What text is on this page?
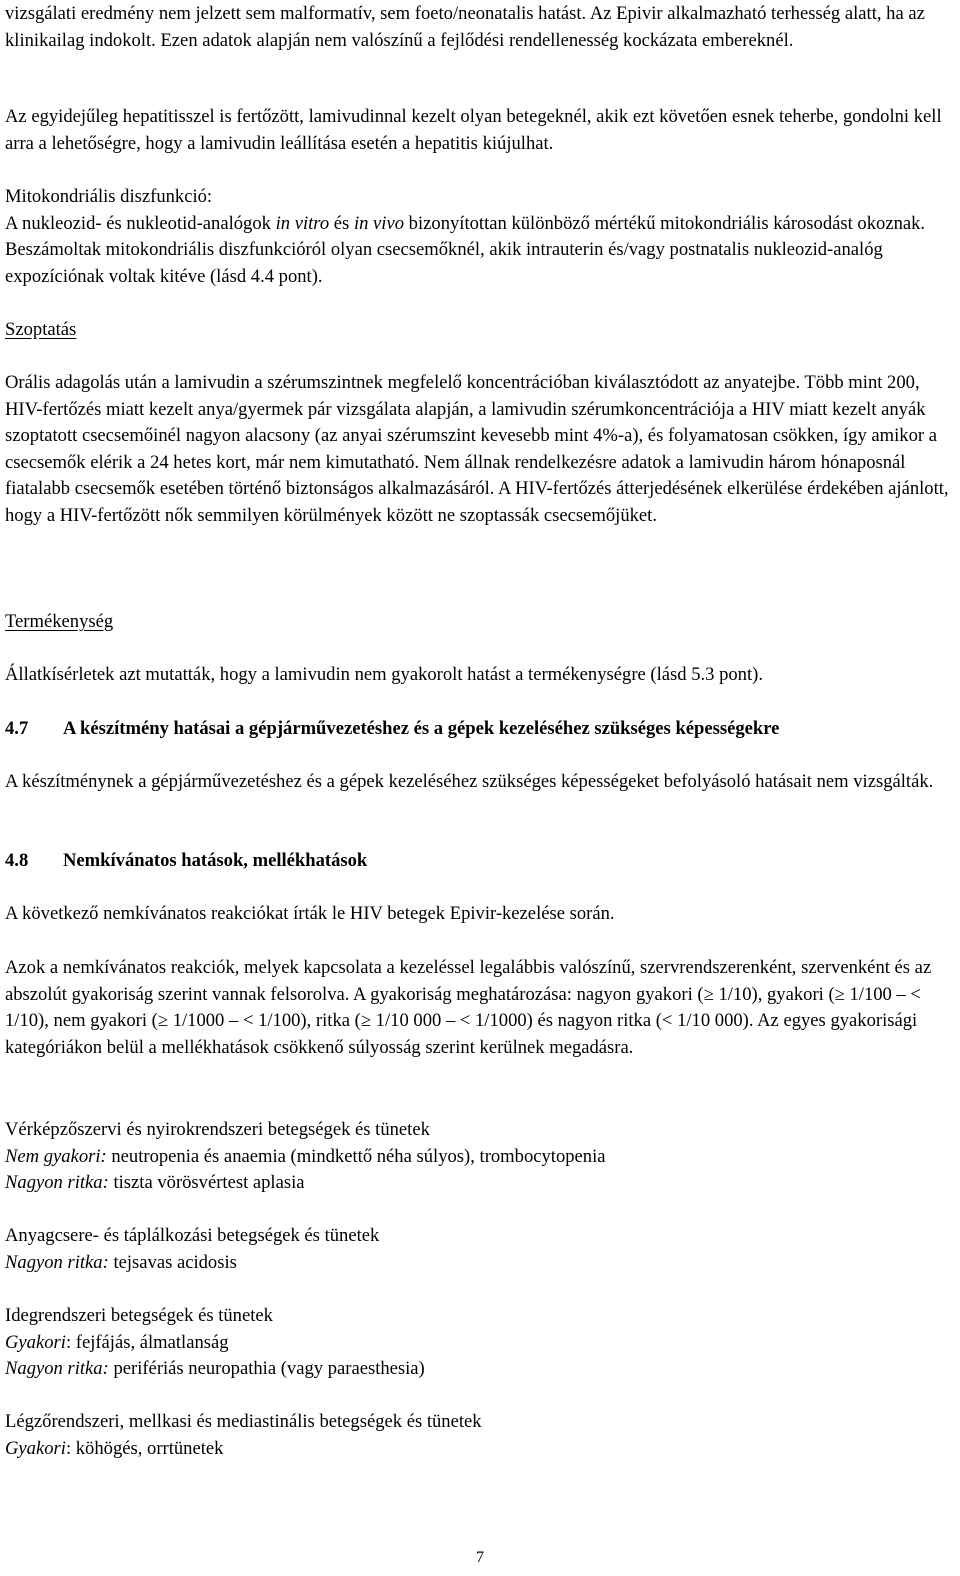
vizsgálati eredmény nem jelzett sem malformatív, sem foeto/neonatalis hatást. Az Epivir alkalmazható terhesség alatt, ha az klinikailag indokolt. Ezen adatok alapján nem valószínű a fejlődési rendellenesség kockázata embereknél.

Az egyidejűleg hepatitisszel is fertőzött, lamivudinnal kezelt olyan betegeknél, akik ezt követően esnek teherbe, gondolni kell arra a lehetőségre, hogy a lamivudin leállítása esetén a hepatitis kiújulhat.

Mitokondriális diszfunkció:

A nukleozid- és nukleotid-analógok in vitro és in vivo bizonyítottan különböző mértékű mitokondriális károsodást okoznak. Beszámoltak mitokondriális diszfunkcióról olyan csecsemőknél, akik intrauterin és/vagy postnatalis nukleozid-analóg expozíciónak voltak kitéve (lásd 4.4 pont).

Szoptatás

Orális adagolás után a lamivudin a szérumszintnek megfelelő koncentrációban kiválasztódott az anyatejbe. Több mint 200, HIV-fertőzés miatt kezelt anya/gyermek pár vizsgálata alapján, a lamivudin szérumkoncentrációja a HIV miatt kezelt anyák szoptatott csecsemőinél nagyon alacsony (az anyai szérumszint kevesebb mint 4%-a), és folyamatosan csökken, így amikor a csecsemők elérik a 24 hetes kort, már nem kimutatható. Nem állnak rendelkezésre adatok a lamivudin három hónaposnál fiatalabb csecsemők esetében történő biztonságos alkalmazásáról. A HIV-fertőzés átterjedésének elkerülése érdekében ajánlott, hogy a HIV-fertőzött nők semmilyen körülmények között ne szoptassák csecsemőjüket.

Termékenység

Állatkísérletek azt mutatták, hogy a lamivudin nem gyakorolt hatást a termékenységre (lásd 5.3 pont).

4.7 A készítmény hatásai a gépjárművezetéshez és a gépek kezeléséhez szükséges képességekre

A készítménynek a gépjárművezetéshez és a gépek kezeléséhez szükséges képességeket befolyásoló hatásait nem vizsgálták.

4.8 Nemkívánatos hatások, mellékhatások

A következő nemkívánatos reakciókat írták le HIV betegek Epivir-kezelése során.

Azok a nemkívánatos reakciók, melyek kapcsolata a kezeléssel legalábbis valószínű, szervrendszerenként, szervenként és az abszolút gyakoriság szerint vannak felsorolva. A gyakoriság meghatározása: nagyon gyakori (≥ 1/10), gyakori (≥ 1/100 – < 1/10), nem gyakori (≥ 1/1000 – < 1/100), ritka (≥ 1/10 000 – < 1/1000) és nagyon ritka (< 1/10 000). Az egyes gyakorisági kategóriákon belül a mellékhatások csökkenő súlyosság szerint kerülnek megadásra.

Vérképzőszervi és nyirokrendszeri betegségek és tünetek

Nem gyakori: neutropenia és anaemia (mindkettő néha súlyos), trombocytopenia

Nagyon ritka: tiszta vörösvértest aplasia

Anyagcsere- és táplálkozási betegségek és tünetek

Nagyon ritka: tejsavas acidosis

Idegrendszeri betegségek és tünetek

Gyakori: fejfájás, álmatlanság

Nagyon ritka: perifériás neuropathia (vagy paraesthesia)

Légzőrendszeri, mellkasi és mediastinális betegségek és tünetek

Gyakori: köhögés, orrtünetek

7
